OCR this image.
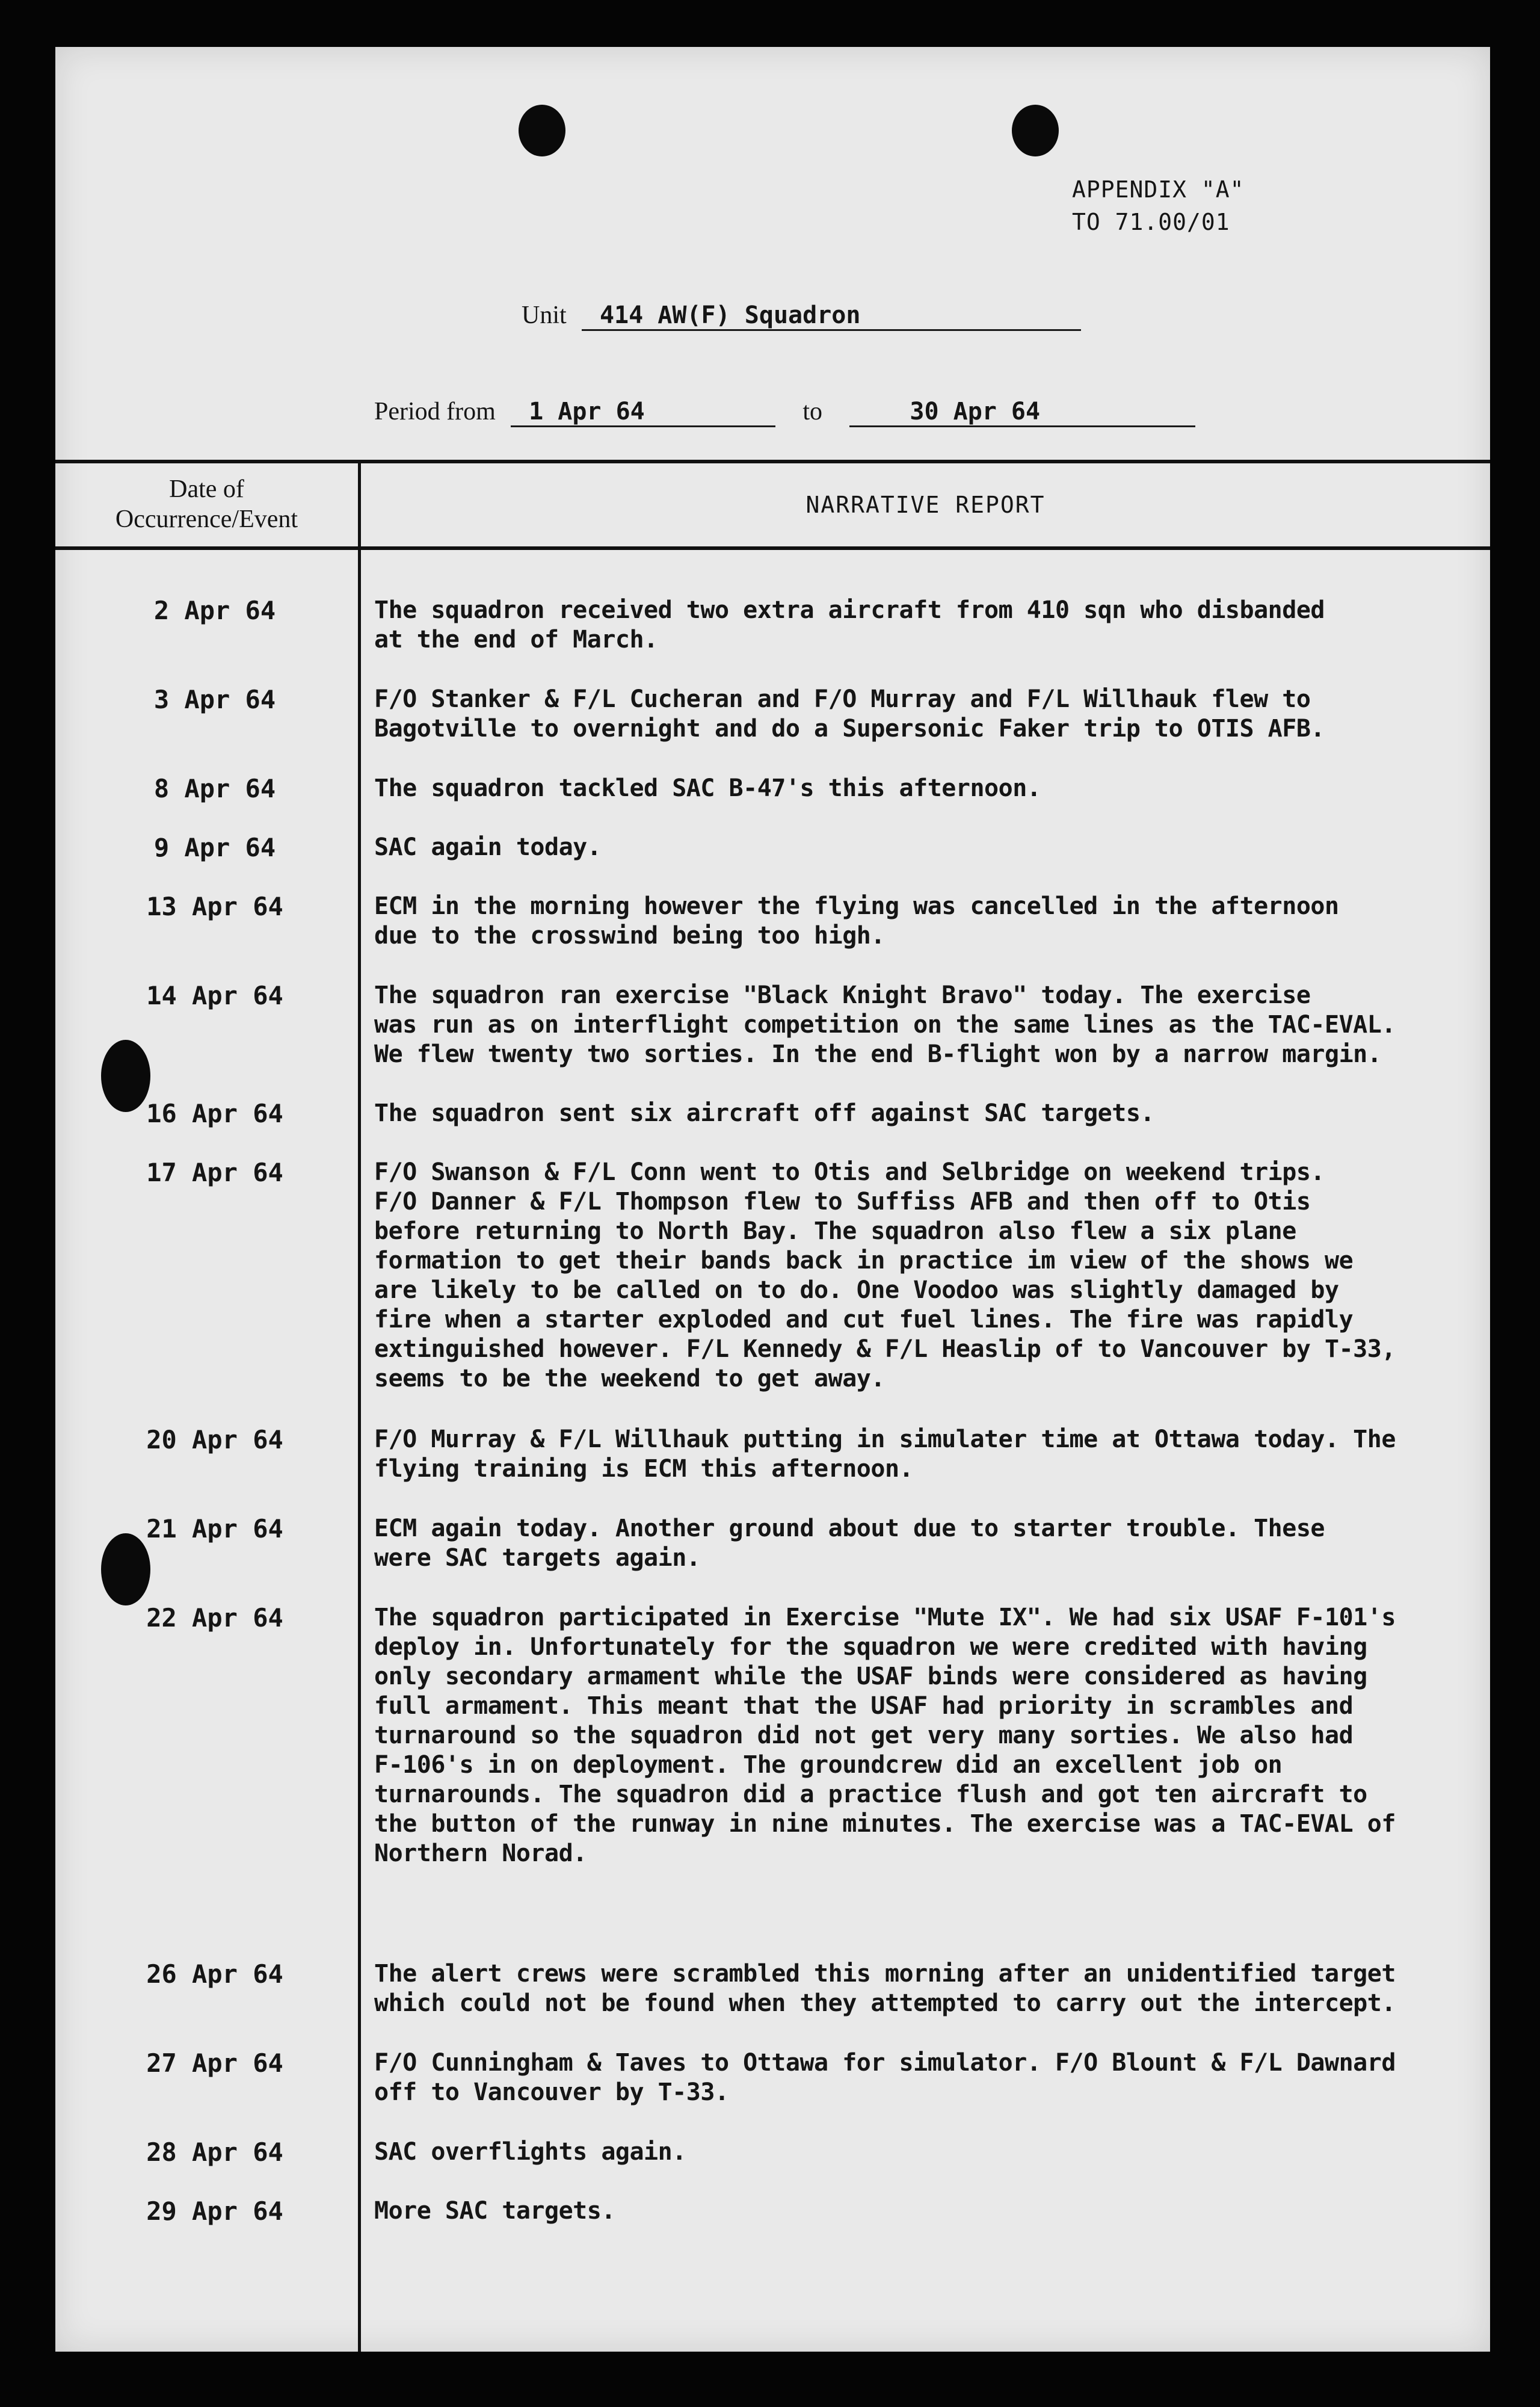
APPENDIX "A"
TO 71.00/01
Unit 414 AW(F) Squadron
Period from 1 Apr 64	to	30 Apr 64
Date of
Occurrence/Event
NARRATIVE REPORT
2 Apr 64	The squadron received two extra aircraft from 410 sqn who disbanded
at the end of March.
3 Apr 64	F/O Stanker & F/L Cucheran and F/O Murray and F/L Willhauk flew to
Bagotville to overnight and do a Supersonic Faker trip to OTIS AFB.
8 Apr 64	The squadron tackled SAC B-47's this afternoon.
9 Apr 64	SAC again today.
13 Apr 64	ECM in the morning however the flying was cancelled in the afternoon
due to the crosswind being too high.
14 Apr 64	The squadron ran exercise "Black Knight Bravo" today. The exercise
was run as on interflight competition on the same lines as the TAC-EVAL.
We flew twenty two sorties. In the end B-flight won by a narrow margin.
16 Apr 64	The squadron sent six aircraft off against SAC targets.
17 Apr 64	F/O Swanson & F/L Conn went to Otis and Selbridge on weekend trips.
F/O Danner & F/L Thompson flew to Suffiss AFB and then off to Otis
before returning to North Bay. The squadron also flew a six plane
formation to get their bands back in practice im view of the shows we
are likely to be called on to do. One Voodoo was slightly damaged by
fire when a starter exploded and cut fuel lines. The fire was rapidly
extinguished however. F/L Kennedy & F/L Heaslip of to Vancouver by T-33,
seems to be the weekend to get away.
20 Apr 64	F/O Murray & F/L Willhauk putting in simulater time at Ottawa today. The
flying training is ECM this afternoon.
21 Apr 64	ECM again today. Another ground about due to starter trouble. These
were SAC targets again.
22 Apr 64	The squadron participated in Exercise "Mute IX". We had six USAF F-101's
deploy in. Unfortunately for the squadron we were credited with having
only secondary armament while the USAF binds were considered as having
full armament. This meant that the USAF had priority in scrambles and
turnaround so the squadron did not get very many sorties. We also had
F-106's in on deployment. The groundcrew did an excellent job on
turnarounds. The squadron did a practice flush and got ten aircraft to
the button of the runway in nine minutes. The exercise was a TAC-EVAL of
Northern Norad.
26 Apr 64	The alert crews were scrambled this morning after an unidentified target
which could not be found when they attempted to carry out the intercept.
27 Apr 64	F/O Cunningham & Taves to Ottawa for simulator. F/O Blount & F/L Dawnard
off to Vancouver by T-33.
28 Apr 64	SAC overflights again.
29 Apr 64	More SAC targets.
